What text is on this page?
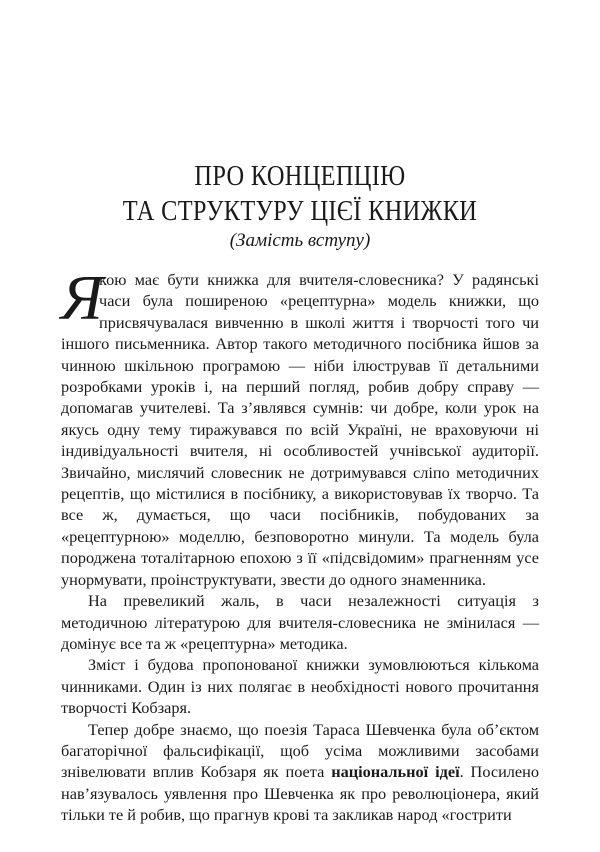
ПРО КОНЦЕПЦІЮ
ТА СТРУКТУРУ ЦІЄЇ КНИЖКИ
(Замість вступу)

Я
кою має бути книжка для вчителя-словесника? У радянські часи була поширеною «рецептурна» модель книжки, що присвячувалася вивченню в школі життя і творчості того чи іншого письменника. Автор такого методичного посібника йшов за чинною шкільною програмою — ніби ілюстрував її детальними розробками уроків і, на перший погляд, робив добру справу — допомагав учителеві. Та з’являвся сумнів: чи добре, коли урок на якусь одну тему тиражувався по всій Україні, не враховуючи ні індивідуальності вчителя, ні особливостей учнівської аудиторії. Звичайно, мислячий словесник не дотримувався сліпо методичних рецептів, що містилися в посібнику, а використовував їх творчо. Та все ж, думається, що часи посібників, побудованих за «рецептурною» моделлю, безповоротно минули. Та модель була породжена тоталітарною епохою з її «підсвідомим» прагненням усе унормувати, проінструктувати, звести до одного знаменника.

На превеликий жаль, в часи незалежності ситуація з методичною літературою для вчителя-словесника не змінилася — домінує все та ж «рецептурна» методика.

Зміст і будова пропонованої книжки зумовлюються кількома чинниками. Один із них полягає в необхідності нового прочитання творчості Кобзаря.

Тепер добре знаємо, що поезія Тараса Шевченка була об’єктом багаторічної фальсифікації, щоб усіма можливими засобами знівелювати вплив Кобзаря як поета національної ідеї. Посилено нав’язувалось уявлення про Шевченка як про революціонера, який тільки те й робив, що прагнув крові та закликав народ «гострити
